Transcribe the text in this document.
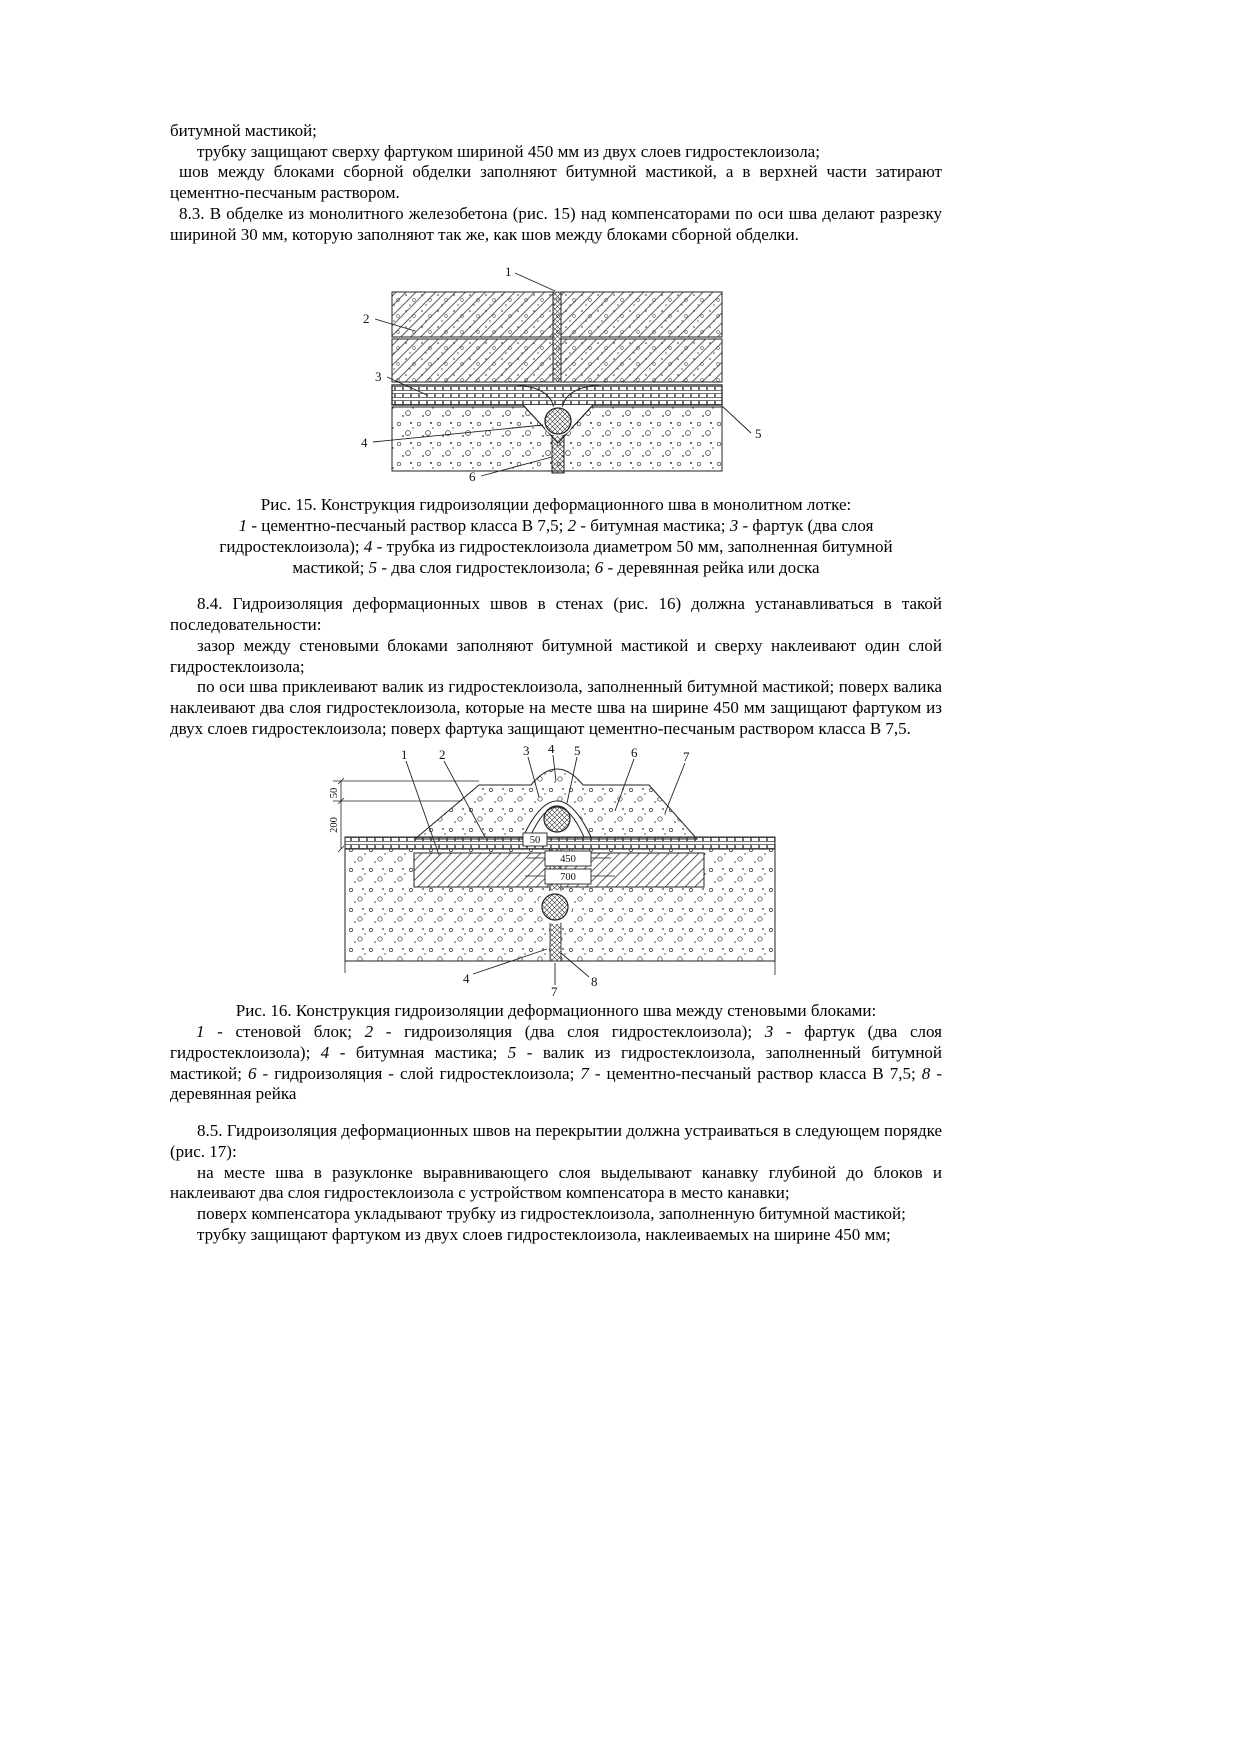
битумной мастикой;

трубку защищают сверху фартуком шириной 450 мм из двух слоев гидростеклоизола;

шов между блоками сборной обделки заполняют битумной мастикой, а в верхней части затирают цементно-песчаным раствором.

8.3. В обделке из монолитного железобетона (рис. 15) над компенсаторами по оси шва делают разрезку шириной 30 мм, которую заполняют так же, как шов между блоками сборной обделки.

1
2
3
4
5
6
Рис. 15. Конструкция гидроизоляции деформационного шва в монолитном лотке:
1 - цементно-песчаный раствор класса В 7,5; 2 - битумная мастика; 3 - фартук (два слоя гидростеклоизола); 4 - трубка из гидростеклоизола диаметром 50 мм, заполненная битумной мастикой; 5 - два слоя гидростеклоизола; 6 - деревянная рейка или доска

8.4. Гидроизоляция деформационных швов в стенах (рис. 16) должна устанавливаться в такой последовательности:

зазор между стеновыми блоками заполняют битумной мастикой и сверху наклеивают один слой гидростеклоизола;

по оси шва приклеивают валик из гидростеклоизола, заполненный битумной мастикой; поверх валика наклеивают два слоя гидростеклоизола, которые на месте шва на ширине 450 мм защищают фартуком из двух слоев гидростеклоизола; поверх фартука защищают цементно-песчаным раствором класса В 7,5.

1 2	3 4 5	6	7
4	8
7
50
450
700
50
200
Рис. 16. Конструкция гидроизоляции деформационного шва между стеновыми блоками:
1 - стеновой блок; 2 - гидроизоляция (два слоя гидростеклоизола); 3 - фартук (два слоя гидростеклоизола); 4 - битумная мастика; 5 - валик из гидростеклоизола, заполненный битумной мастикой; 6 - гидроизоляция - слой гидростеклоизола; 7 - цементно-песчаный раствор класса В 7,5; 8 - деревянная рейка

8.5. Гидроизоляция деформационных швов на перекрытии должна устраиваться в следующем порядке (рис. 17):

на месте шва в разуклонке выравнивающего слоя выделывают канавку глубиной до блоков и наклеивают два слоя гидростеклоизола с устройством компенсатора в место канавки;

поверх компенсатора укладывают трубку из гидростеклоизола, заполненную битумной мастикой;

трубку защищают фартуком из двух слоев гидростеклоизола, наклеиваемых на ширине 450 мм;
